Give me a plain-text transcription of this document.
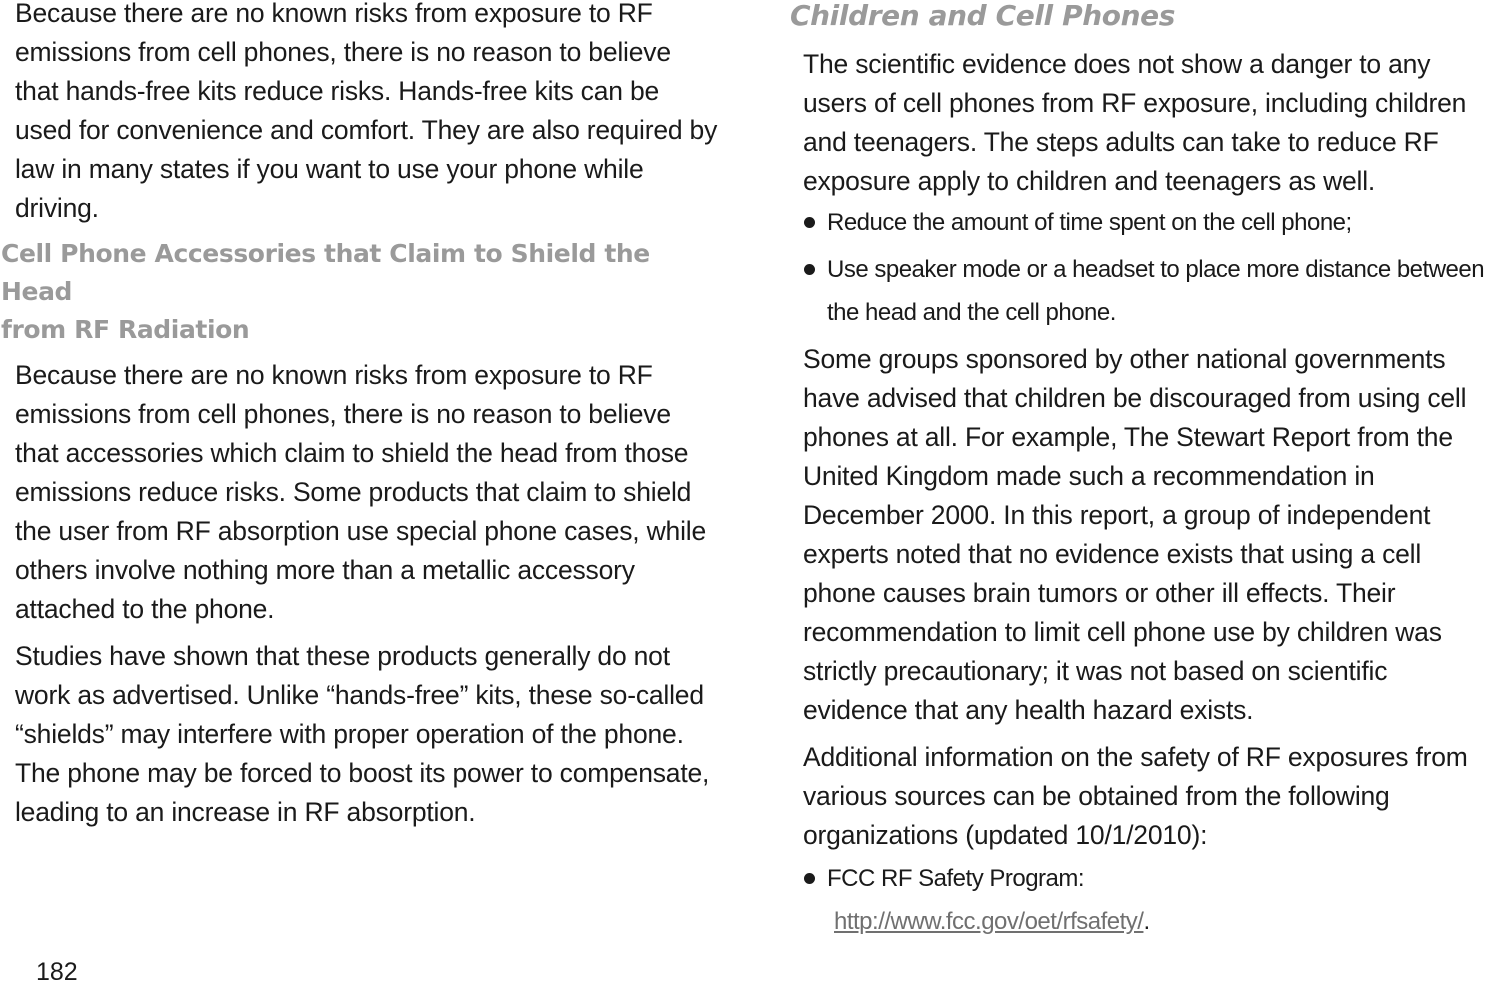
Because there are no known risks from exposure to RF emissions from cell phones, there is no reason to believe that hands-free kits reduce risks. Hands-free kits can be used for convenience and comfort. They are also required by law in many states if you want to use your phone while driving.

Cell Phone Accessories that Claim to Shield the Head
from RF Radiation

Because there are no known risks from exposure to RF emissions from cell phones, there is no reason to believe that accessories which claim to shield the head from those emissions reduce risks. Some products that claim to shield the user from RF absorption use special phone cases, while others involve nothing more than a metallic accessory attached to the phone.

Studies have shown that these products generally do not work as advertised. Unlike “hands-free” kits, these so-called “shields” may interfere with proper operation of the phone. The phone may be forced to boost its power to compensate, leading to an increase in RF absorption.

Children and Cell Phones

The scientific evidence does not show a danger to any users of cell phones from RF exposure, including children and teenagers. The steps adults can take to reduce RF exposure apply to children and teenagers as well.

Reduce the amount of time spent on the cell phone;
Use speaker mode or a headset to place more distance between the head and the cell phone.

Some groups sponsored by other national governments have advised that children be discouraged from using cell phones at all. For example, The Stewart Report from the United Kingdom made such a recommendation in December 2000. In this report, a group of independent experts noted that no evidence exists that using a cell phone causes brain tumors or other ill effects. Their recommendation to limit cell phone use by children was strictly precautionary; it was not based on scientific evidence that any health hazard exists.

Additional information on the safety of RF exposures from various sources can be obtained from the following organizations (updated 10/1/2010):

FCC RF Safety Program:
http://www.fcc.gov/oet/rfsafety/.
182
